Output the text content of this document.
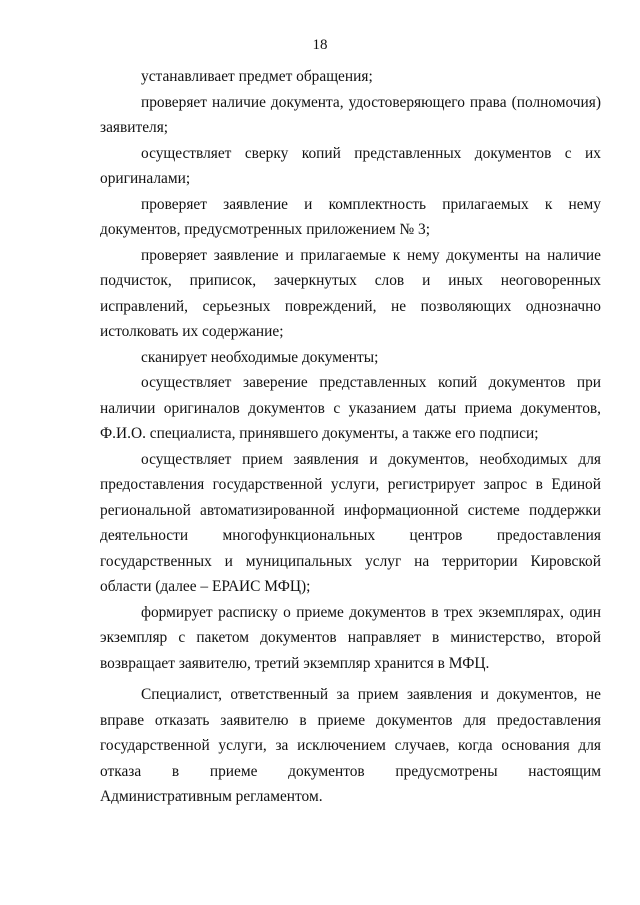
18

устанавливает предмет обращения;

проверяет наличие документа, удостоверяющего права (полномочия) заявителя;

осуществляет сверку копий представленных документов с их оригиналами;

проверяет заявление и комплектность прилагаемых к нему документов, предусмотренных приложением № 3;

проверяет заявление и прилагаемые к нему документы на наличие подчисток, приписок, зачеркнутых слов и иных неоговоренных исправлений, серьезных повреждений, не позволяющих однозначно истолковать их содержание;

сканирует необходимые документы;

осуществляет заверение представленных копий документов при наличии оригиналов документов с указанием даты приема документов, Ф.И.О. специалиста, принявшего документы, а также его подписи;

осуществляет прием заявления и документов, необходимых для предоставления государственной услуги, регистрирует запрос в Единой региональной автоматизированной информационной системе поддержки деятельности многофункциональных центров предоставления государственных и муниципальных услуг на территории Кировской области (далее – ЕРАИС МФЦ);

формирует расписку о приеме документов в трех экземплярах, один экземпляр с пакетом документов направляет в министерство, второй возвращает заявителю, третий экземпляр хранится в МФЦ.

Специалист, ответственный за прием заявления и документов, не вправе отказать заявителю в приеме документов для предоставления государственной услуги, за исключением случаев, когда основания для отказа в приеме документов предусмотрены настоящим Административным регламентом.
